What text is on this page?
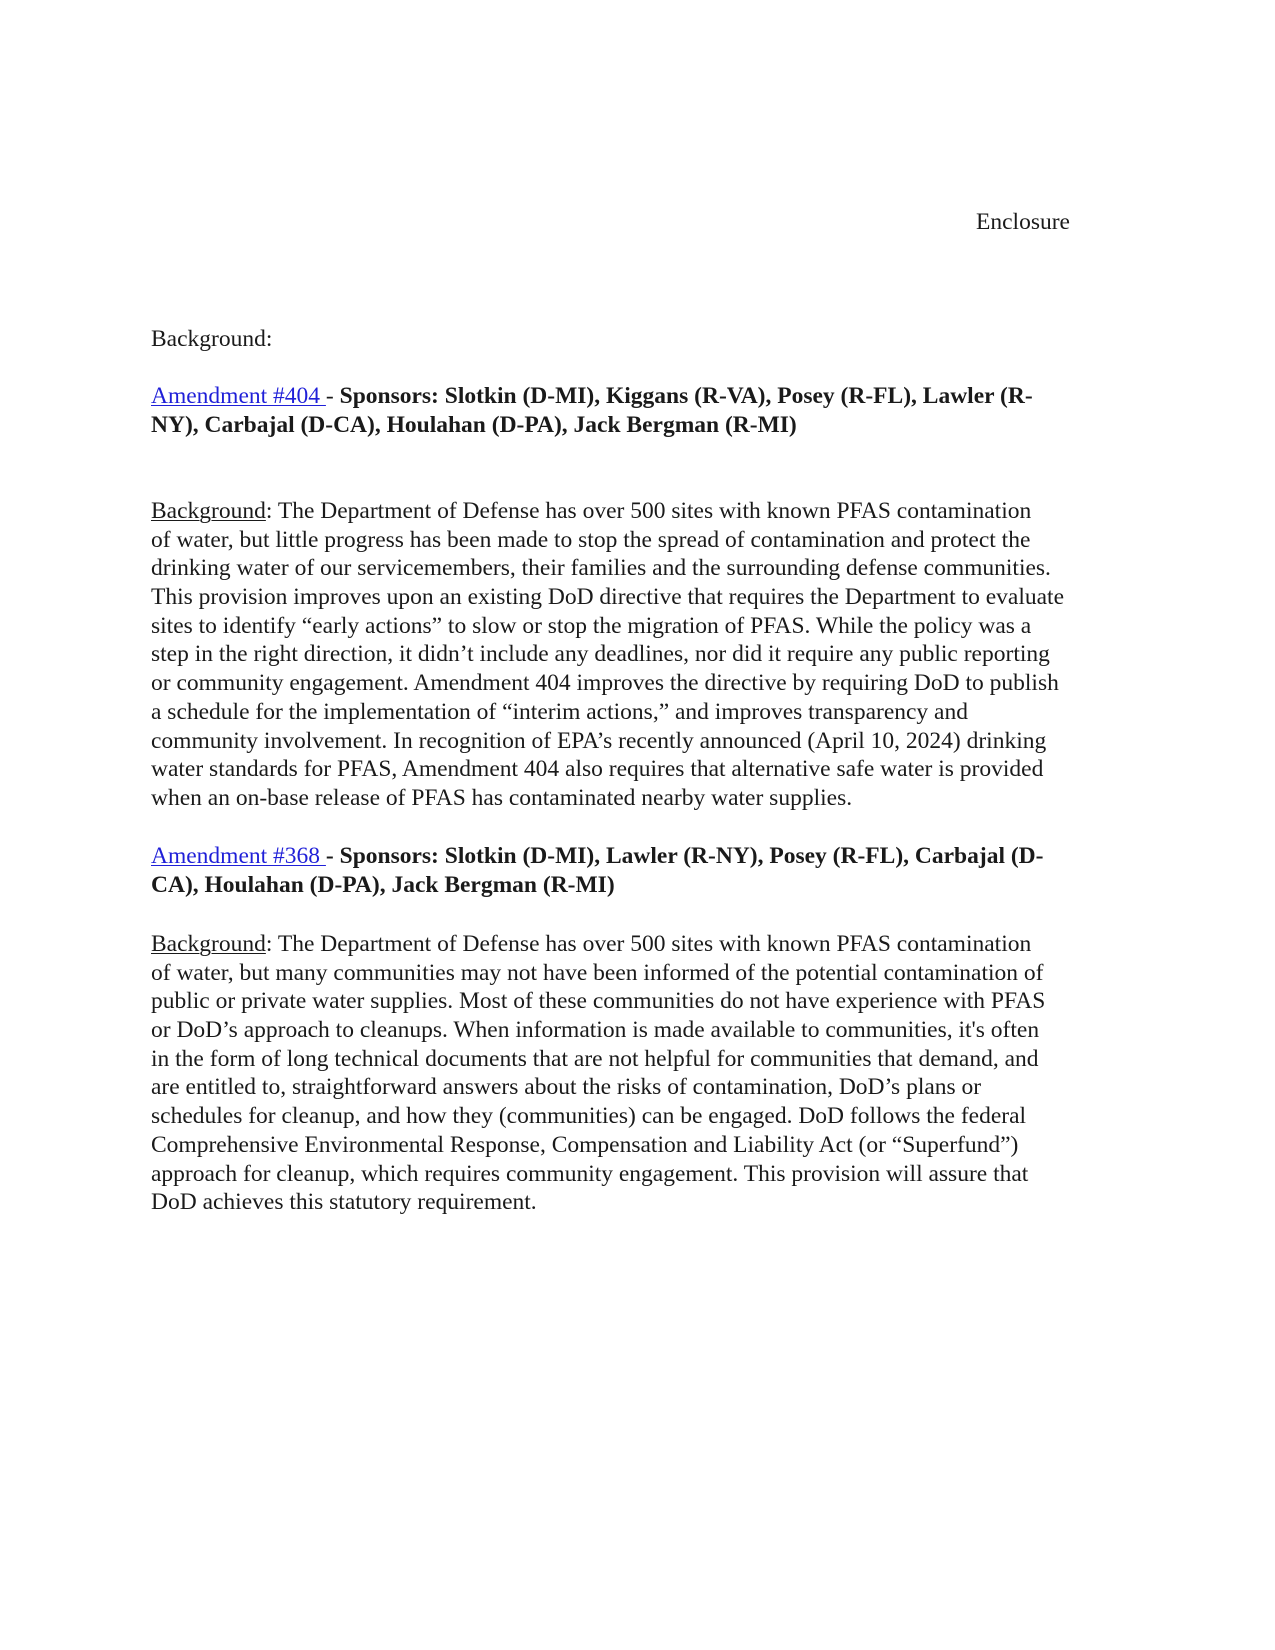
Enclosure
Background:
Amendment #404 - Sponsors: Slotkin (D-MI), Kiggans (R-VA), Posey (R-FL), Lawler (R-
NY), Carbajal (D-CA), Houlahan (D-PA), Jack Bergman (R-MI)
Background: The Department of Defense has over 500 sites with known PFAS contamination
of water, but little progress has been made to stop the spread of contamination and protect the
drinking water of our servicemembers, their families and the surrounding defense communities.
This provision improves upon an existing DoD directive that requires the Department to evaluate
sites to identify “early actions” to slow or stop the migration of PFAS. While the policy was a
step in the right direction, it didn’t include any deadlines, nor did it require any public reporting
or community engagement. Amendment 404 improves the directive by requiring DoD to publish
a schedule for the implementation of “interim actions,” and improves transparency and
community involvement. In recognition of EPA’s recently announced (April 10, 2024) drinking
water standards for PFAS, Amendment 404 also requires that alternative safe water is provided
when an on-base release of PFAS has contaminated nearby water supplies.
Amendment #368 - Sponsors: Slotkin (D-MI), Lawler (R-NY), Posey (R-FL), Carbajal (D-
CA), Houlahan (D-PA), Jack Bergman (R-MI)
Background: The Department of Defense has over 500 sites with known PFAS contamination
of water, but many communities may not have been informed of the potential contamination of
public or private water supplies. Most of these communities do not have experience with PFAS
or DoD’s approach to cleanups. When information is made available to communities, it's often
in the form of long technical documents that are not helpful for communities that demand, and
are entitled to, straightforward answers about the risks of contamination, DoD’s plans or
schedules for cleanup, and how they (communities) can be engaged. DoD follows the federal
Comprehensive Environmental Response, Compensation and Liability Act (or “Superfund”)
approach for cleanup, which requires community engagement. This provision will assure that
DoD achieves this statutory requirement.
